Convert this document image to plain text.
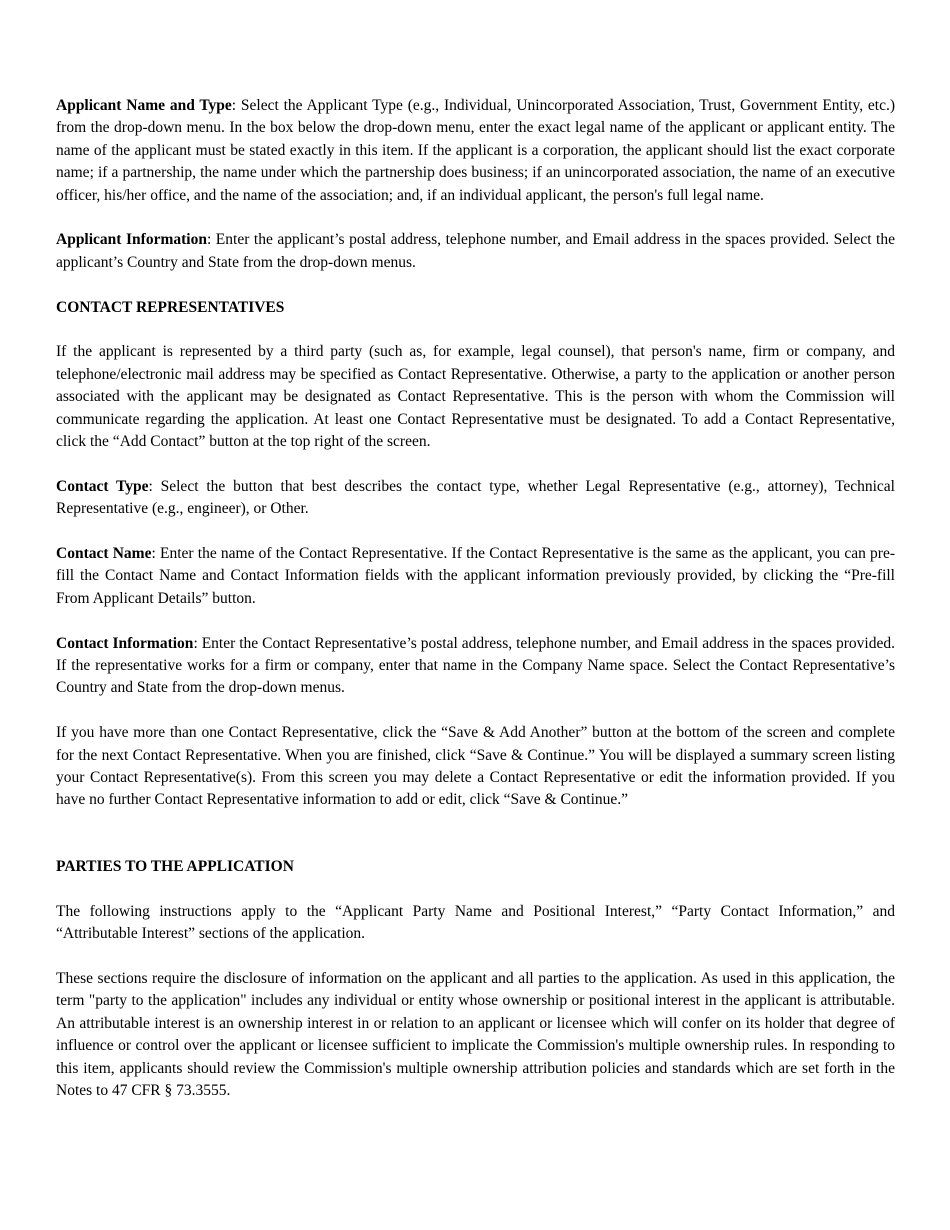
Applicant Name and Type: Select the Applicant Type (e.g., Individual, Unincorporated Association, Trust, Government Entity, etc.) from the drop-down menu. In the box below the drop-down menu, enter the exact legal name of the applicant or applicant entity. The name of the applicant must be stated exactly in this item. If the applicant is a corporation, the applicant should list the exact corporate name; if a partnership, the name under which the partnership does business; if an unincorporated association, the name of an executive officer, his/her office, and the name of the association; and, if an individual applicant, the person's full legal name.

Applicant Information: Enter the applicant’s postal address, telephone number, and Email address in the spaces provided. Select the applicant’s Country and State from the drop-down menus.

CONTACT REPRESENTATIVES

If the applicant is represented by a third party (such as, for example, legal counsel), that person's name, firm or company, and telephone/electronic mail address may be specified as Contact Representative. Otherwise, a party to the application or another person associated with the applicant may be designated as Contact Representative. This is the person with whom the Commission will communicate regarding the application. At least one Contact Representative must be designated. To add a Contact Representative, click the “Add Contact” button at the top right of the screen.

Contact Type: Select the button that best describes the contact type, whether Legal Representative (e.g., attorney), Technical Representative (e.g., engineer), or Other.

Contact Name: Enter the name of the Contact Representative. If the Contact Representative is the same as the applicant, you can pre-fill the Contact Name and Contact Information fields with the applicant information previously provided, by clicking the “Pre-fill From Applicant Details” button.

Contact Information: Enter the Contact Representative’s postal address, telephone number, and Email address in the spaces provided. If the representative works for a firm or company, enter that name in the Company Name space. Select the Contact Representative’s Country and State from the drop-down menus.

If you have more than one Contact Representative, click the “Save & Add Another” button at the bottom of the screen and complete for the next Contact Representative. When you are finished, click “Save & Continue.” You will be displayed a summary screen listing your Contact Representative(s). From this screen you may delete a Contact Representative or edit the information provided. If you have no further Contact Representative information to add or edit, click “Save & Continue.”

PARTIES TO THE APPLICATION

The following instructions apply to the “Applicant Party Name and Positional Interest,” “Party Contact Information,” and “Attributable Interest” sections of the application.

These sections require the disclosure of information on the applicant and all parties to the application. As used in this application, the term "party to the application" includes any individual or entity whose ownership or positional interest in the applicant is attributable. An attributable interest is an ownership interest in or relation to an applicant or licensee which will confer on its holder that degree of influence or control over the applicant or licensee sufficient to implicate the Commission's multiple ownership rules. In responding to this item, applicants should review the Commission's multiple ownership attribution policies and standards which are set forth in the Notes to 47 CFR § 73.3555.
